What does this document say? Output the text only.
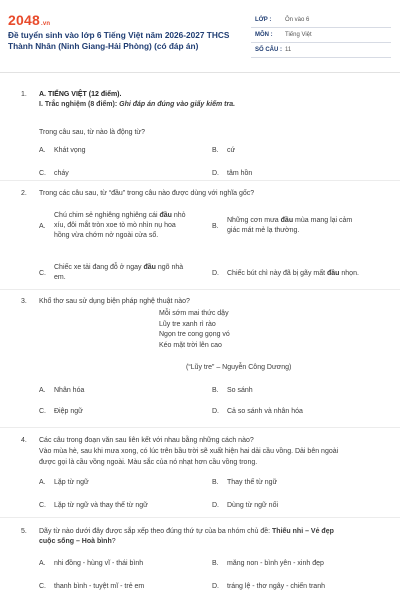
2048.vn
Đề tuyển sinh vào lớp 6 Tiếng Việt năm 2026-2027 THCS Thành Nhân (Ninh Giang-Hải Phòng) (có đáp án)
LỚP : Ôn vào 6
MÔN : Tiếng Việt
SỐ CÂU : 11
1. A. TIẾNG VIỆT (12 điểm).
I. Trắc nghiệm (8 điểm): Ghi đáp án đúng vào giấy kiểm tra.
Trong câu sau, từ nào là động từ?
A. Khát vọng	B. cứ
C. cháy	D. tâm hồn
2. Trong các câu sau, từ “đầu” trong câu nào được dùng với nghĩa gốc?
A.
Chú chim sẻ nghiêng nghiêng cái đầu nhỏ
xíu, đôi mắt tròn xoe tò mò nhìn nụ hoa
hồng vừa chớm nở ngoài cửa sổ.
B.
Những cơn mưa đầu mùa mang lại cảm
giác mát mẻ lạ thường.
C.
Chiếc xe tải đang đỗ ở ngay đầu ngõ nhà
em.
D. Chiếc bút chì này đã bị gãy mất đầu nhọn.
3. Khổ thơ sau sử dụng biện pháp nghệ thuật nào?
Mỗi sớm mai thức dậy
Lũy tre xanh rì rào
Ngọn tre cong gọng vó
Kéo mặt trời lên cao
(“Lũy tre” – Nguyễn Công Dương)
A. Nhân hóa	B. So sánh
C. Điệp ngữ	D. Cả so sánh và nhân hóa
4. Các câu trong đoạn văn sau liên kết với nhau bằng những cách nào?
Vào mùa hè, sau khi mưa xong, có lúc trên bầu trời sẽ xuất hiện hai dải cầu vồng. Dải bên ngoài
được gọi là cầu vồng ngoài. Màu sắc của nó nhạt hơn cầu vồng trong.
A. Lặp từ ngữ	B. Thay thế từ ngữ
C. Lặp từ ngữ và thay thế từ ngữ	D. Dùng từ ngữ nối
5. Dãy từ nào dưới đây được sắp xếp theo đúng thứ tự của ba nhóm chủ đề: Thiếu nhi – Vẻ đẹp
cuộc sống – Hoà bình?
A. nhi đồng - hùng vĩ - thái bình	B. măng non - bình yên - xinh đẹp
C. thanh bình - tuyệt mĩ - trẻ em	D. tráng lệ - thơ ngây - chiến tranh
